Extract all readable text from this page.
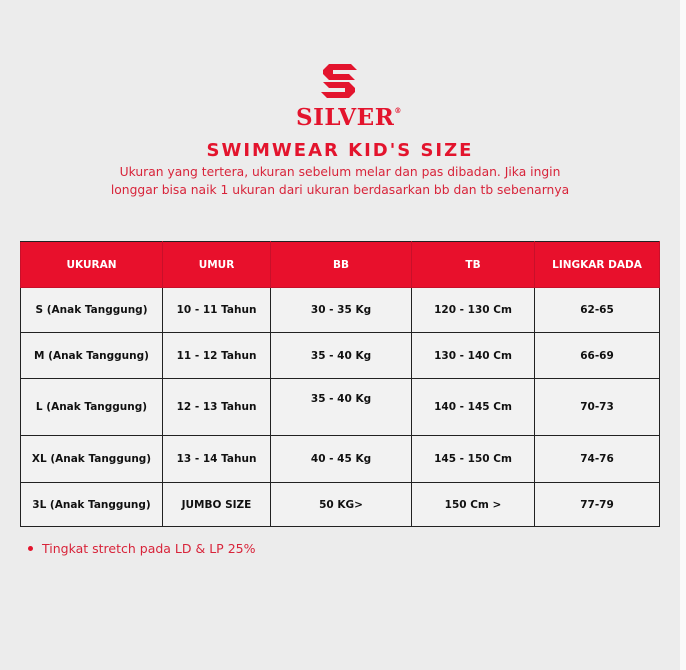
SILVER®
SWIMWEAR KID'S SIZE
Ukuran yang tertera, ukuran sebelum melar dan pas dibadan. Jika ingin
longgar bisa naik 1 ukuran dari ukuran berdasarkan bb dan tb sebenarnya
UKURAN	UMUR	BB	TB	LINGKAR DADA
S (Anak Tanggung)	10 - 11 Tahun	30 - 35 Kg	120 - 130 Cm	62-65
M (Anak Tanggung)	11 - 12 Tahun	35 - 40 Kg	130 - 140 Cm	66-69
L (Anak Tanggung)	12 - 13 Tahun	35 - 40 Kg	140 - 145 Cm	70-73
XL (Anak Tanggung)	13 - 14 Tahun	40 - 45 Kg	145 - 150 Cm	74-76
3L (Anak Tanggung)	JUMBO SIZE	50 KG>	150 Cm >	77-79
Tingkat stretch pada LD & LP 25%
